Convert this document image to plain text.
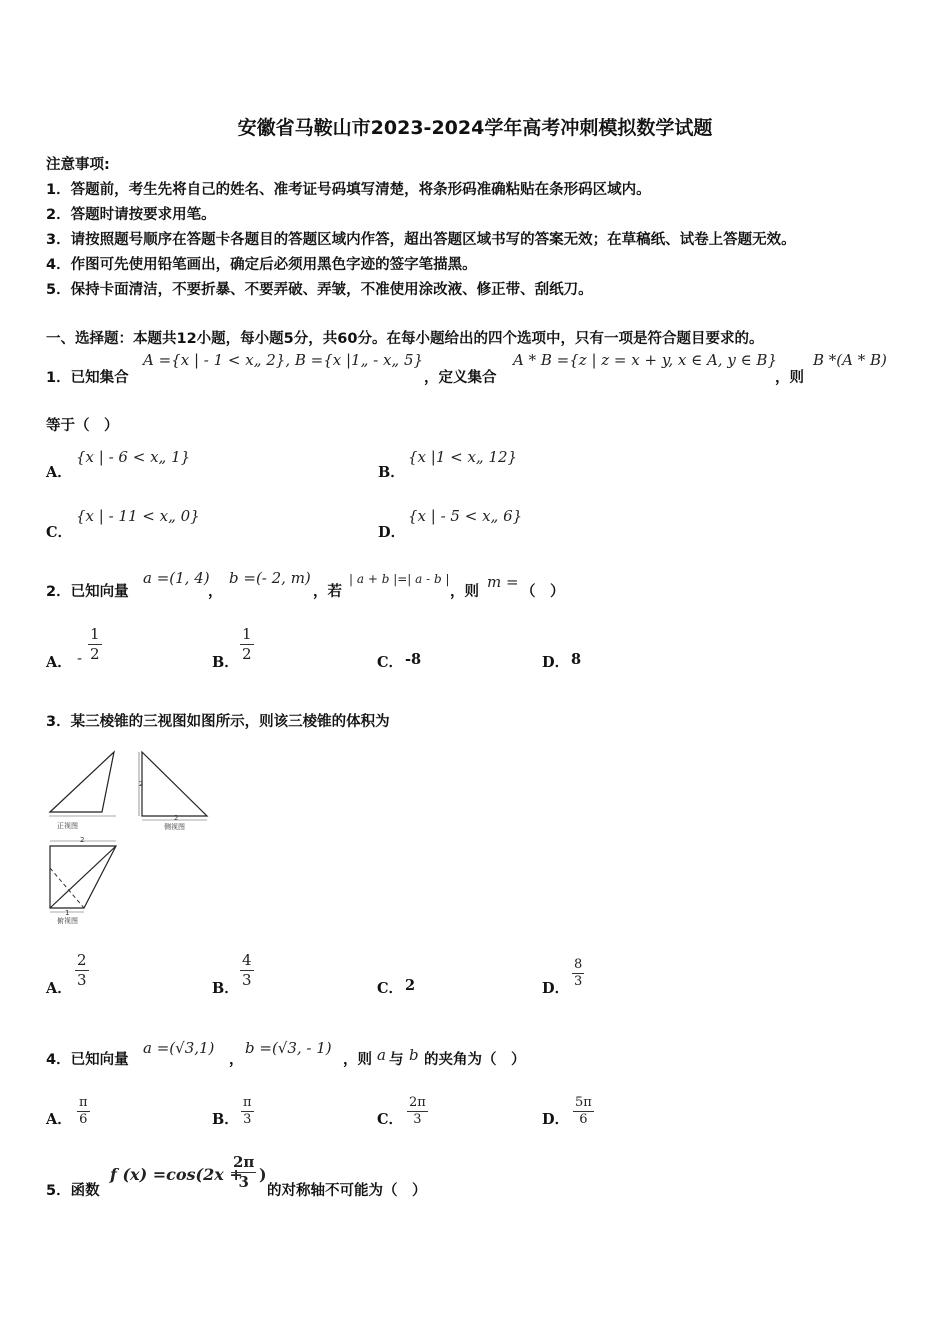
安徽省马鞍山市2023-2024学年高考冲刺模拟数学试题
注意事项:
1．答题前，考生先将自己的姓名、准考证号码填写清楚，将条形码准确粘贴在条形码区域内。
2．答题时请按要求用笔。
3．请按照题号顺序在答题卡各题目的答题区域内作答，超出答题区域书写的答案无效；在草稿纸、试卷上答题无效。
4．作图可先使用铅笔画出，确定后必须用黑色字迹的签字笔描黑。
5．保持卡面清洁，不要折暴、不要弄破、弄皱，不准使用涂改液、修正带、刮纸刀。
一、选择题：本题共12小题，每小题5分，共60分。在每小题给出的四个选项中，只有一项是符合题目要求的。
1．已知集合
A ={x | - 1 < x„ 2}, B ={x |1„ - x„ 5}
，定义集合
A * B ={z | z = x + y, x ∈ A, y ∈ B}
，则
B *(A * B)
等于（　）
A．
{x | - 6 < x„ 1}
B．
{x |1 < x„ 12}
C．
{x | - 11 < x„ 0}
D．
{x | - 5 < x„ 6}
2．已知向量
a =(1, 4)
，
b =(- 2, m)
，若
| a + b |=| a - b |
，则
m =
（　）
A． -
1
2	B．
1
2	C． -8	D． 8
3．某三棱锥的三视图如图所示，则该三棱锥的体积为
正视图
2
2
侧视图
2
1
俯视图
A．
2
3	B．
4
3	C． 2	D．
8
3
4．已知向量
a =(√3,1)
，
b =(√3, - 1)
，则 a 与 b 的夹角为（　）
A．
π
6	B．
π
3	C．
2π
3	D．
5π
6
5．函数
f (x) =cos(2x +
2π
3 )
的对称轴不可能为（　）
